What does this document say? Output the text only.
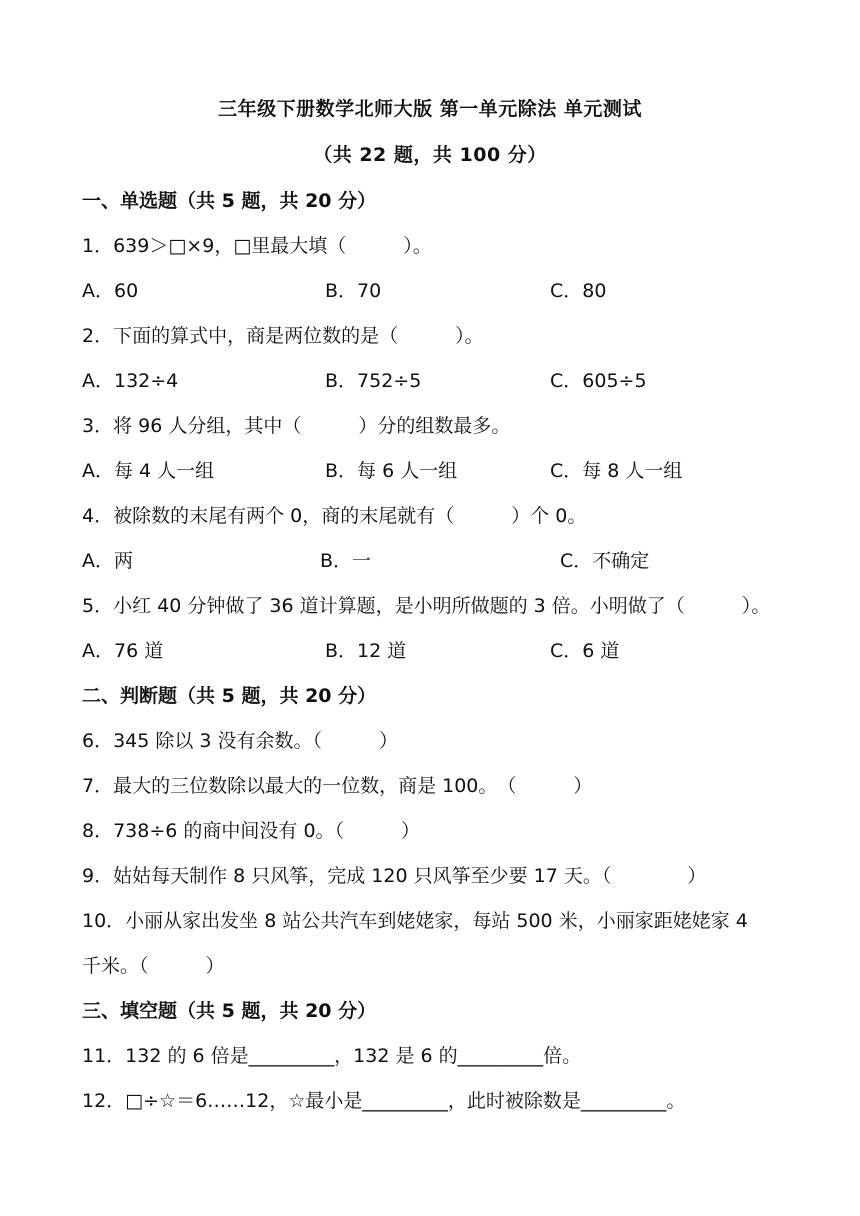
三年级下册数学北师大版 第一单元除法 单元测试
（共 22 题，共 100 分）
一、单选题（共 5 题，共 20 分）
1．639＞□×9，□里最大填（　　　）。
A．60	B．70	C．80
2．下面的算式中，商是两位数的是（　　　）。
A．132÷4	B．752÷5	C．605÷5
3．将 96 人分组，其中（　　　）分的组数最多。
A．每 4 人一组	B．每 6 人一组	C．每 8 人一组
4．被除数的末尾有两个 0，商的末尾就有（　　　）个 0。
A．两	B．一	C．不确定
5．小红 40 分钟做了 36 道计算题，是小明所做题的 3 倍。小明做了（　　　）。
A．76 道	B．12 道	C．6 道
二、判断题（共 5 题，共 20 分）
6．345 除以 3 没有余数。（　　　）
7．最大的三位数除以最大的一位数，商是 100。　（　　　）
8．738÷6 的商中间没有 0。（　　　）
9．姑姑每天制作 8 只风筝，完成 120 只风筝至少要 17 天。（　　　　）
10．小丽从家出发坐 8 站公共汽车到姥姥家，每站 500 米，小丽家距姥姥家 4
千米。（　　　）
三、填空题（共 5 题，共 20 分）
11．132 的 6 倍是_________，132 是 6 的_________倍。
12．□÷☆＝6……12，☆最小是_________，此时被除数是_________。
